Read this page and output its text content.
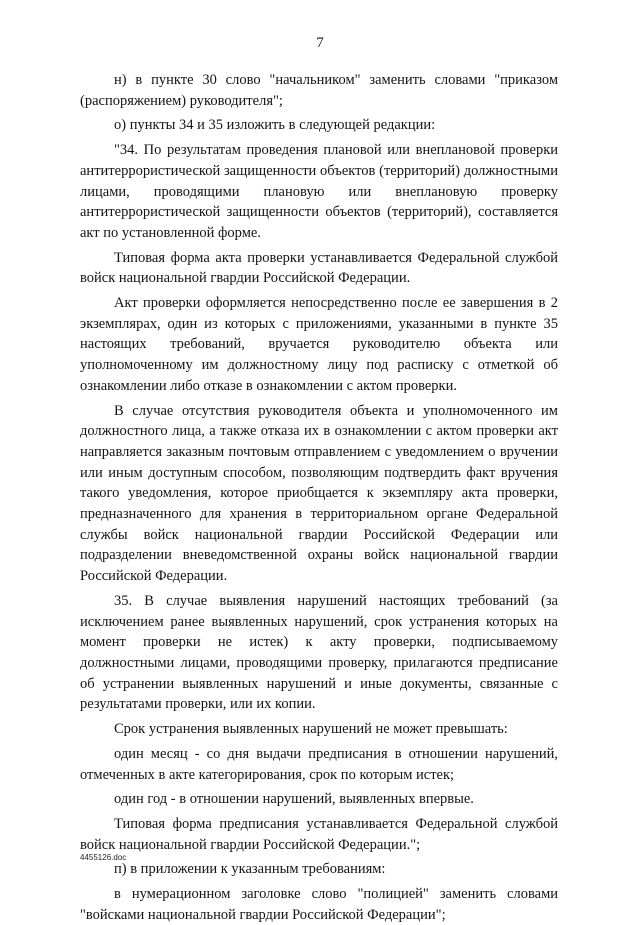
7

н) в пункте 30 слово "начальником" заменить словами "приказом (распоряжением) руководителя";

о) пункты 34 и 35 изложить в следующей редакции:

"34. По результатам проведения плановой или внеплановой проверки антитеррористической защищенности объектов (территорий) должностными лицами, проводящими плановую или внеплановую проверку антитеррористической защищенности объектов (территорий), составляется акт по установленной форме.

Типовая форма акта проверки устанавливается Федеральной службой войск национальной гвардии Российской Федерации.

Акт проверки оформляется непосредственно после ее завершения в 2 экземплярах, один из которых с приложениями, указанными в пункте 35 настоящих требований, вручается руководителю объекта или уполномоченному им должностному лицу под расписку с отметкой об ознакомлении либо отказе в ознакомлении с актом проверки.

В случае отсутствия руководителя объекта и уполномоченного им должностного лица, а также отказа их в ознакомлении с актом проверки акт направляется заказным почтовым отправлением с уведомлением о вручении или иным доступным способом, позволяющим подтвердить факт вручения такого уведомления, которое приобщается к экземпляру акта проверки, предназначенного для хранения в территориальном органе Федеральной службы войск национальной гвардии Российской Федерации или подразделении вневедомственной охраны войск национальной гвардии Российской Федерации.

35. В случае выявления нарушений настоящих требований (за исключением ранее выявленных нарушений, срок устранения которых на момент проверки не истек) к акту проверки, подписываемому должностными лицами, проводящими проверку, прилагаются предписание об устранении выявленных нарушений и иные документы, связанные с результатами проверки, или их копии.

Срок устранения выявленных нарушений не может превышать:

один месяц - со дня выдачи предписания в отношении нарушений, отмеченных в акте категорирования, срок по которым истек;

один год - в отношении нарушений, выявленных впервые.

Типовая форма предписания устанавливается Федеральной службой войск национальной гвардии Российской Федерации.";

п) в приложении к указанным требованиям:

в нумерационном заголовке слово "полицией" заменить словами "войсками национальной гвардии Российской Федерации";

4455126.doc
